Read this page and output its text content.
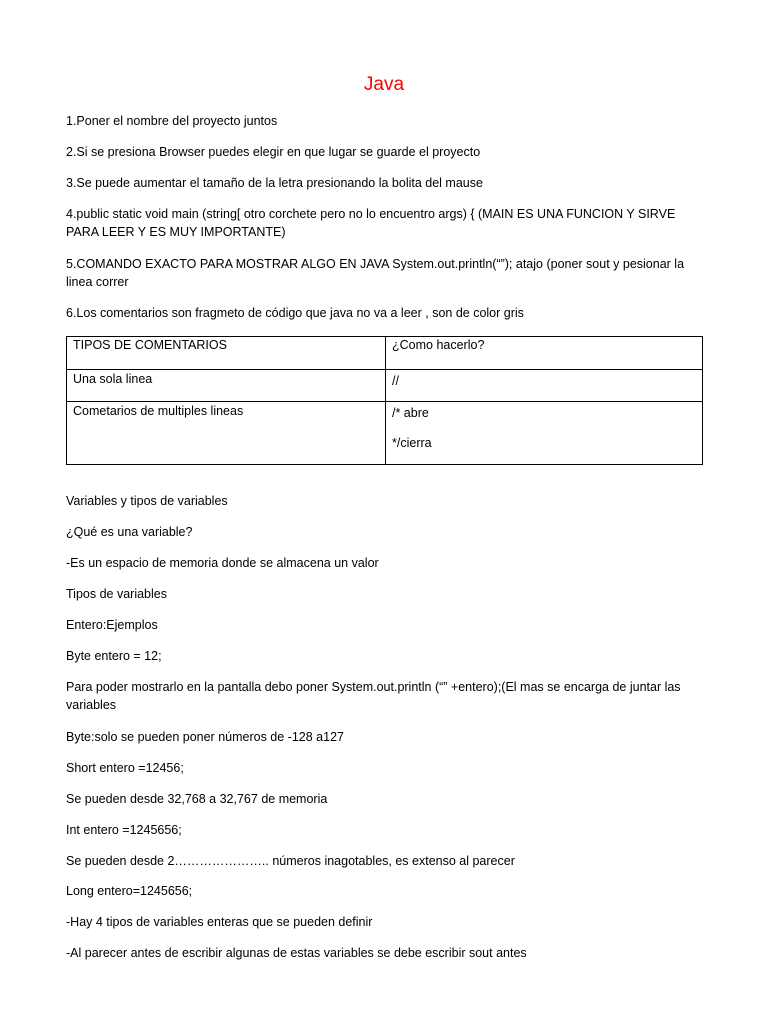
Java
1.Poner el nombre del proyecto juntos
2.Si se presiona Browser puedes elegir en que lugar se guarde el proyecto
3.Se puede aumentar el tamaño de la letra presionando la bolita del mause
4.public static void main (string[ otro corchete pero no lo encuentro args) { (MAIN ES UNA FUNCION Y SIRVE PARA LEER Y ES MUY IMPORTANTE)
5.COMANDO EXACTO PARA MOSTRAR ALGO EN JAVA System.out.println(“”); atajo (poner sout y pesionar la linea correr
6.Los comentarios son fragmeto de código que java no va a leer , son de color gris
TIPOS DE COMENTARIOS	¿Como hacerlo?
Una sola linea	//

Cometarios de multiples lineas	/* abre
*/cierra
Variables y tipos de variables
¿Qué es una variable?
-Es un espacio de memoria donde se almacena un valor
Tipos de variables
Entero:Ejemplos
Byte entero = 12;
Para poder mostrarlo en la pantalla debo poner System.out.println (“” +entero);(El mas se encarga de juntar las variables
Byte:solo se pueden poner números de -128 a127
Short entero =12456;
Se pueden desde 32,768 a 32,767 de memoria
Int entero =1245656;
Se pueden desde 2………………….. números inagotables, es extenso al parecer
Long entero=1245656;
-Hay 4 tipos de variables enteras que se pueden definir
-Al parecer antes de escribir algunas de estas variables se debe escribir sout antes
